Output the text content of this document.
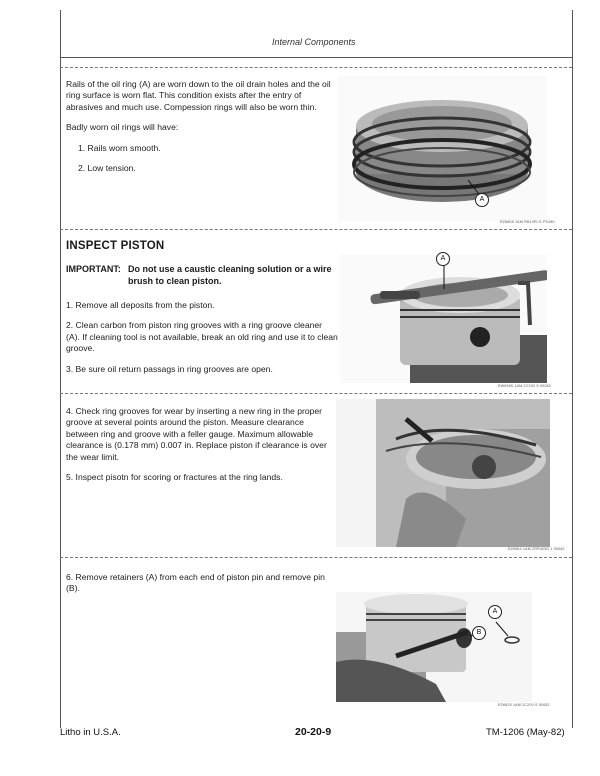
Internal Components

Rails of the oil ring (A) are worn down to the oil drain holes and the oil ring surface is worn flat. This condition exists after the entry of abrasives and much use. Compession rings will also be worn thin.

Badly worn oil rings will have:

1. Rails worn smooth.

2. Low tension.

A
R26808 1AM RB14PLG PS480
INSPECT PISTON
IMPORTANT: Do not use a caustic cleaning solution or a wire brush to clean piston.

1. Remove all deposits from the piston.

2. Clean carbon from piston ring grooves with a ring groove cleaner (A). If cleaning tool is not available, break an old ring and use it to clean groove.

3. Be sure oil return passags in ring grooves are open.

A
RW8965 1AM 2C200 S 90082

4. Check ring grooves for wear by inserting a new ring in the proper groove at several points around the piston. Measure clearance between ring and groove with a feller gauge. Maximum allowable clearance is (0.178 mm) 0.007 in. Replace piston if clearance is over the wear limit.

5. Inspect pisotn for scoring or fractures at the ring lands.

R26964 1AM 2RR4ING 1 90082

6. Remove retainers (A) from each end of piston pin and remove pin (B).

A
B
R26625 1AM 2C200 S 90082
Litho in U.S.A.	20-20-9	TM-1206 (May-82)
